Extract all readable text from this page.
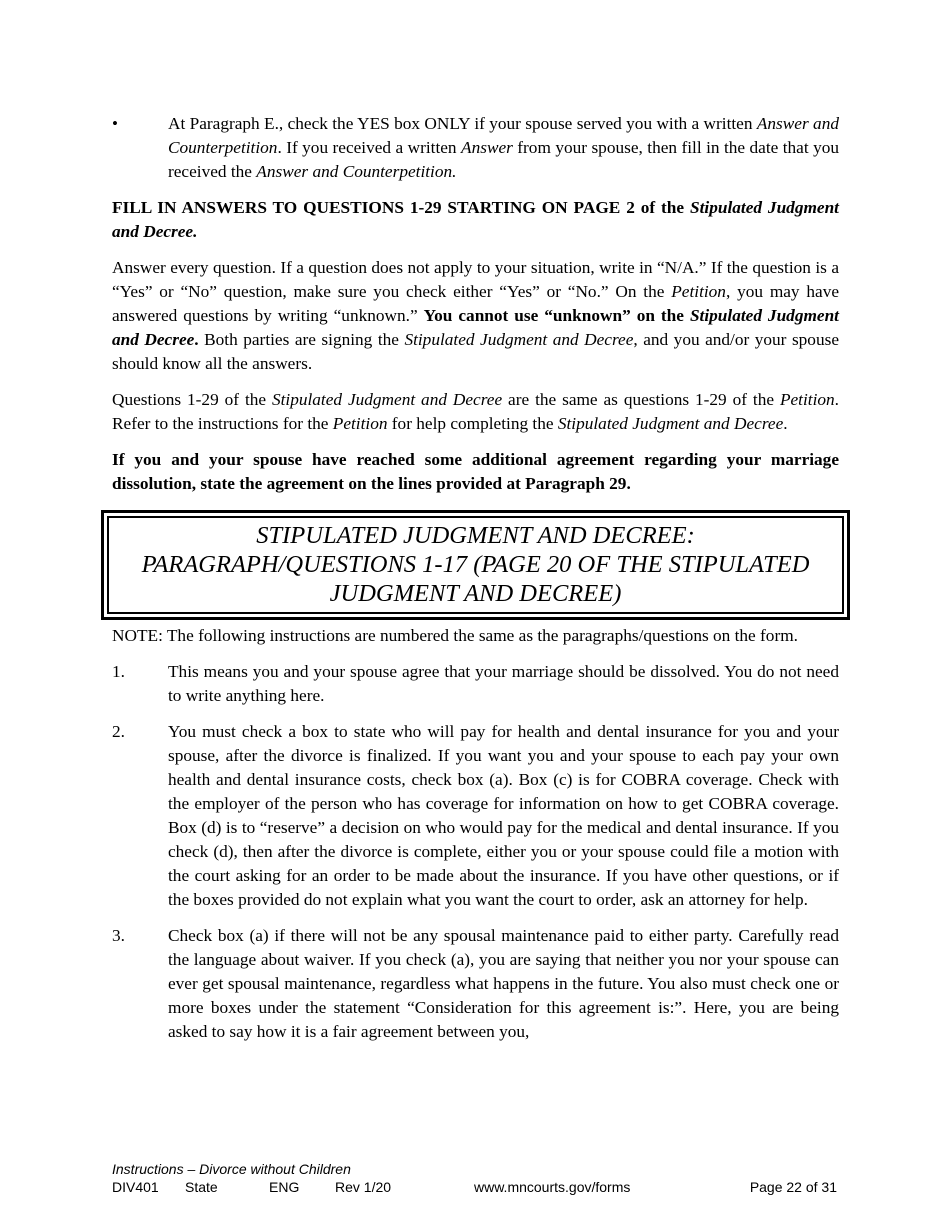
•	At Paragraph E., check the YES box ONLY if your spouse served you with a written Answer and Counterpetition. If you received a written Answer from your spouse, then fill in the date that you received the Answer and Counterpetition.

FILL IN ANSWERS TO QUESTIONS 1-29 STARTING ON PAGE 2 of the Stipulated Judgment and Decree.

Answer every question. If a question does not apply to your situation, write in “N/A.” If the question is a “Yes” or “No” question, make sure you check either “Yes” or “No.” On the Petition, you may have answered questions by writing “unknown.” You cannot use “unknown” on the Stipulated Judgment and Decree. Both parties are signing the Stipulated Judgment and Decree, and you and/or your spouse should know all the answers.

Questions 1-29 of the Stipulated Judgment and Decree are the same as questions 1-29 of the Petition. Refer to the instructions for the Petition for help completing the Stipulated Judgment and Decree.

If you and your spouse have reached some additional agreement regarding your marriage dissolution, state the agreement on the lines provided at Paragraph 29.

STIPULATED JUDGMENT AND DECREE:
PARAGRAPH/QUESTIONS 1-17 (PAGE 20 OF THE STIPULATED
JUDGMENT AND DECREE)

NOTE: The following instructions are numbered the same as the paragraphs/questions on the form.

1.	This means you and your spouse agree that your marriage should be dissolved. You do not need to write anything here.
2.	You must check a box to state who will pay for health and dental insurance for you and your spouse, after the divorce is finalized. If you want you and your spouse to each pay your own health and dental insurance costs, check box (a). Box (c) is for COBRA coverage. Check with the employer of the person who has coverage for information on how to get COBRA coverage. Box (d) is to “reserve” a decision on who would pay for the medical and dental insurance. If you check (d), then after the divorce is complete, either you or your spouse could file a motion with the court asking for an order to be made about the insurance. If you have other questions, or if the boxes provided do not explain what you want the court to order, ask an attorney for help.
3.	Check box (a) if there will not be any spousal maintenance paid to either party. Carefully read the language about waiver. If you check (a), you are saying that neither you nor your spouse can ever get spousal maintenance, regardless what happens in the future. You also must check one or more boxes under the statement “Consideration for this agreement is:”. Here, you are being asked to say how it is a fair agreement between you,
Instructions – Divorce without Children
DIV401 State	ENG	Rev 1/20	www.mncourts.gov/forms	Page 22 of 31
